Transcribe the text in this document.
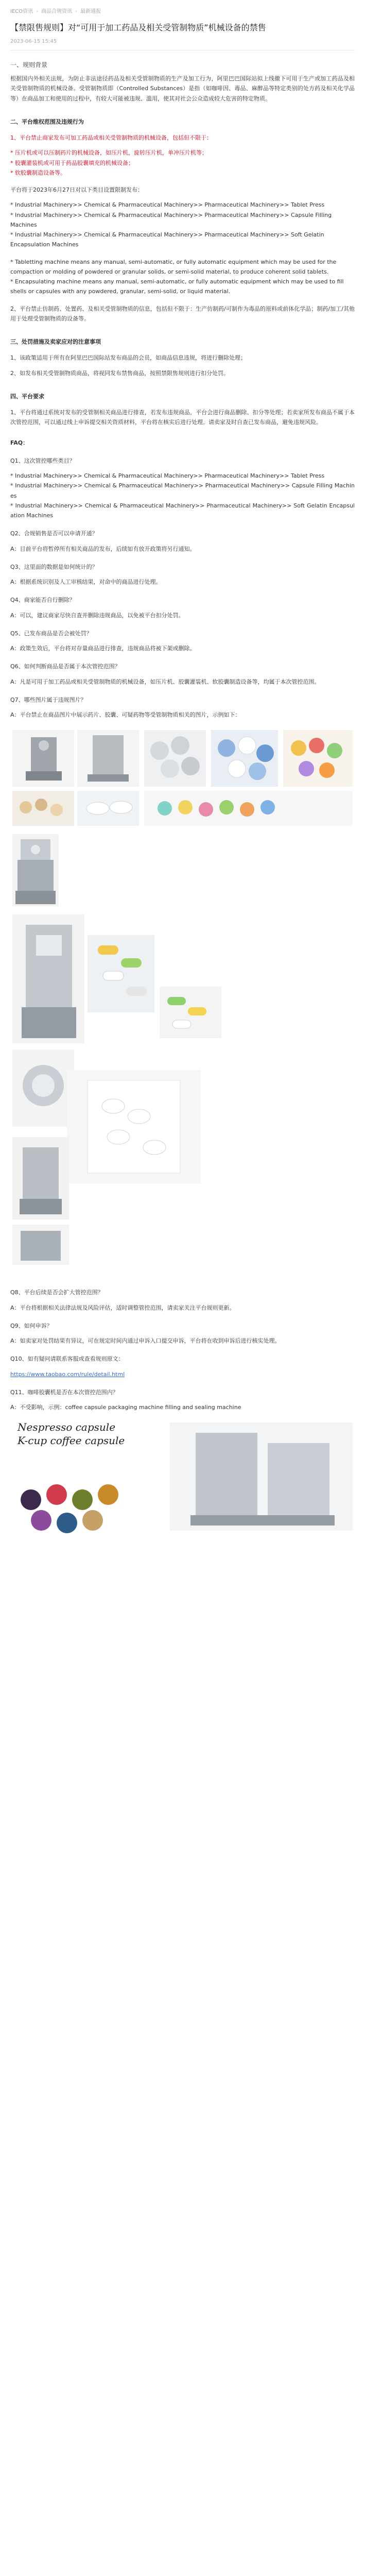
IECO资讯 › 商品合规资讯 › 最新通报
【禁限售规则】对“可用于加工药品及相关受管制物质”机械设备的禁售
2023-06-15 15:45
一、规则背景

根据国内外相关法规，为防止非法途径药品及相关受管制物质的生产及加工行为，阿里巴巴国际站拟上线撤下可用于生产或加工药品及相关受管制物质的机械设备。受管制物质即（Controlled Substances）是指（如咖啡因、毒品、麻醉品等特定类别的处方药及相关化学品等）在商品加工和使用的过程中，有较大可能被违规、滥用，使其对社会公众造成较大危害的特定物质。

二、平台维权范围及违规行为

1、平台禁止商家发布可加工药品或相关受管制物质的机械设备，包括但不限于：

* 压片机或可以压制药片的机械设备，如压片机，旋转压片机，单冲压片机等；
* 胶囊灌装机或可用于药品胶囊填充的机械设备；
* 软胶囊制造设备等。

平台将于2023年6月27日对以下类目设置限制发布：

* Industrial Machinery>> Chemical & Pharmaceutical Machinery>> Pharmaceutical Machinery>> Tablet Press
* Industrial Machinery>> Chemical & Pharmaceutical Machinery>> Pharmaceutical Machinery>> Capsule Filling Machines
* Industrial Machinery>> Chemical & Pharmaceutical Machinery>> Pharmaceutical Machinery>> Soft Gelatin Encapsulation Machines
* Tabletting machine means any manual, semi-automatic, or fully automatic equipment which may be used for the compaction or molding of powdered or granular solids, or semi-solid material, to produce coherent solid tablets.
* Encapsulating machine means any manual, semi-automatic, or fully automatic equipment which may be used to fill shells or capsules with any powdered, granular, semi-solid, or liquid material.

2、平台禁止仿制药、处置药、及相关受管制物质的信息，包括但不限于：生产仿制药/可制作为毒品的原料或前体化学品；制药/加工/其他用于处理受管制物质的设备等。

三、处罚措施及卖家应对的注意事项

1、该政策适用于所有在阿里巴巴国际站发布商品的会员，如商品信息违规，将进行删除处理；

2、如发布相关受管制物质商品，将视同发布禁售商品，按照禁限售规则进行扣分处罚。

四、平台要求

1、平台将通过系统对发布的受管制相关商品进行排查，若发布违规商品，平台会进行商品删除、扣分等处理；若卖家所发布商品不属于本次管控范围，可以通过线上申诉提交相关资质材料，平台将在核实后进行处理。请卖家及时自查已发布商品，避免违规风险。

FAQ：

Q1、这次管控哪些类目？

* Industrial Machinery>> Chemical & Pharmaceutical Machinery>> Pharmaceutical Machinery>> Tablet Press
* Industrial Machinery>> Chemical & Pharmaceutical Machinery>> Pharmaceutical Machinery>> Capsule Filling Machines
* Industrial Machinery>> Chemical & Pharmaceutical Machinery>> Pharmaceutical Machinery>> Soft Gelatin Encapsulation Machines

Q2、合规销售是否可以申请开通？

A：目前平台将暂停所有相关商品的发布，后续如有放开政策将另行通知。

Q3、这里面的数据是如何统计的？

A：根据系统识别及人工审核结果，对命中的商品进行处理。

Q4、商家能否自行删除？

A：可以，建议商家尽快自查并删除违规商品，以免被平台扣分处罚。

Q5、已发布商品是否会被处罚？

A：政策生效后，平台将对存量商品进行排查，违规商品将被下架或删除。

Q6、如何判断商品是否属于本次管控范围？

A：凡是可用于加工药品或相关受管制物质的机械设备，如压片机、胶囊灌装机、软胶囊制造设备等，均属于本次管控范围。

Q7、哪些图片属于违规图片？

A：平台禁止在商品图片中展示药片、胶囊、可疑药物等受管制物质相关的图片，示例如下：

Q8、平台后续是否会扩大管控范围？

A：平台将根据相关法律法规及风险评估，适时调整管控范围，请卖家关注平台规则更新。

Q9、如何申诉？

A：如卖家对处罚结果有异议，可在规定时间内通过申诉入口提交申诉，平台将在收到申诉后进行核实处理。

Q10、如有疑问请联系客服或查看规则原文：

https://www.taobao.com/rule/detail.html

Q11、咖啡胶囊机是否在本次管控范围内？

A：不受影响，示例：coffee capsule packaging machine filling and sealing machine

Nespresso capsule
K-cup coffee capsule
